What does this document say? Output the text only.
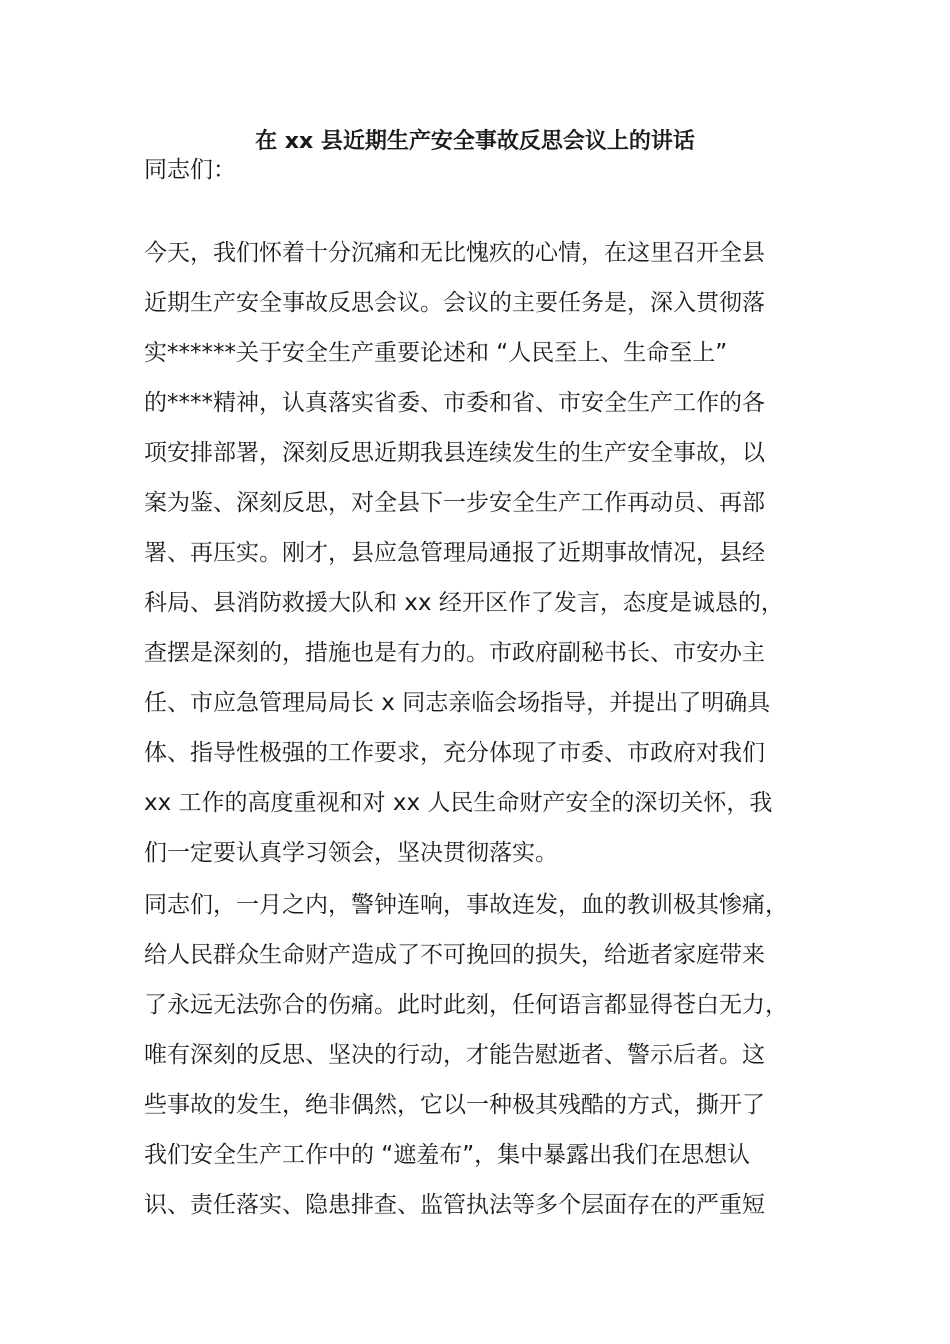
在 xx 县近期生产安全事故反思会议上的讲话

同志们：

今天，我们怀着十分沉痛和无比愧疚的心情，在这里召开全县
近期生产安全事故反思会议。会议的主要任务是，深入贯彻落
实******关于安全生产重要论述和 “人民至上、生命至上”
的****精神，认真落实省委、市委和省、市安全生产工作的各
项安排部署，深刻反思近期我县连续发生的生产安全事故，以
案为鉴、深刻反思，对全县下一步安全生产工作再动员、再部
署、再压实。刚才，县应急管理局通报了近期事故情况，县经
科局、县消防救援大队和 xx 经开区作了发言，态度是诚恳的，
查摆是深刻的，措施也是有力的。市政府副秘书长、市安办主
任、市应急管理局局长 x 同志亲临会场指导，并提出了明确具
体、指导性极强的工作要求，充分体现了市委、市政府对我们
xx 工作的高度重视和对 xx 人民生命财产安全的深切关怀，我
们一定要认真学习领会，坚决贯彻落实。
同志们，一月之内，警钟连响，事故连发，血的教训极其惨痛，
给人民群众生命财产造成了不可挽回的损失，给逝者家庭带来
了永远无法弥合的伤痛。此时此刻，任何语言都显得苍白无力，
唯有深刻的反思、坚决的行动，才能告慰逝者、警示后者。这
些事故的发生，绝非偶然，它以一种极其残酷的方式，撕开了
我们安全生产工作中的 “遮羞布”，集中暴露出我们在思想认
识、责任落实、隐患排查、监管执法等多个层面存在的严重短
